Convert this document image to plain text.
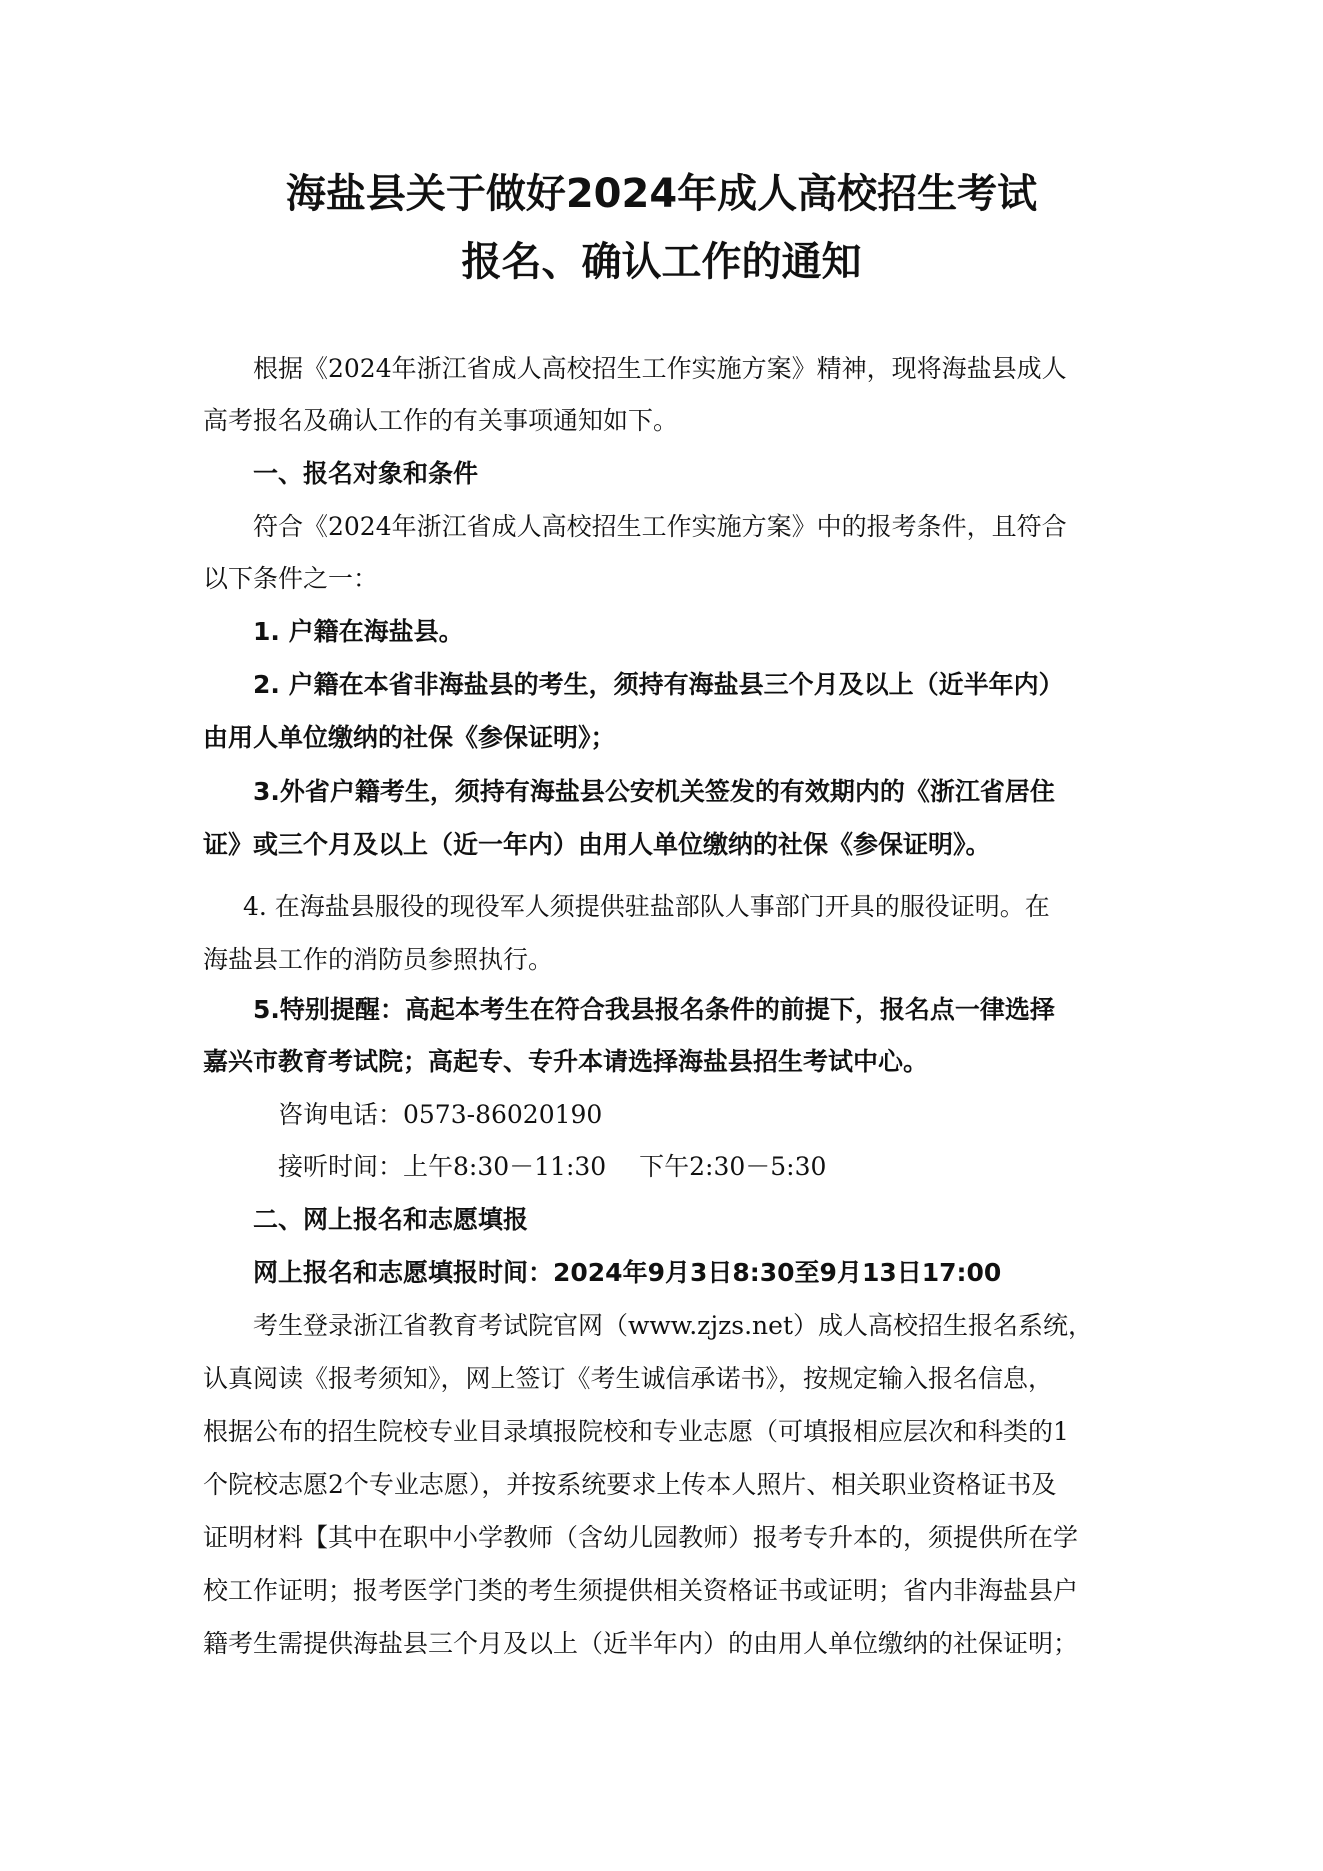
海盐县关于做好2024年成人高校招生考试
报名、确认工作的通知

根据《2024年浙江省成人高校招生工作实施方案》精神，现将海盐县成人

高考报名及确认工作的有关事项通知如下。

一、报名对象和条件

符合《2024年浙江省成人高校招生工作实施方案》中的报考条件，且符合

以下条件之一：

1. 户籍在海盐县。

2. 户籍在本省非海盐县的考生，须持有海盐县三个月及以上（近半年内）

由用人单位缴纳的社保《参保证明》；

3.外省户籍考生，须持有海盐县公安机关签发的有效期内的《浙江省居住

证》或三个月及以上（近一年内）由用人单位缴纳的社保《参保证明》。

4. 在海盐县服役的现役军人须提供驻盐部队人事部门开具的服役证明。在

海盐县工作的消防员参照执行。

5.特别提醒：高起本考生在符合我县报名条件的前提下，报名点一律选择

嘉兴市教育考试院；高起专、专升本请选择海盐县招生考试中心。

咨询电话：0573-86020190

接听时间：上午8:30－11:30　 下午2:30－5:30

二、网上报名和志愿填报

网上报名和志愿填报时间：2024年9月3日8:30至9月13日17:00

考生登录浙江省教育考试院官网（www.zjzs.net）成人高校招生报名系统，

认真阅读《报考须知》，网上签订《考生诚信承诺书》，按规定输入报名信息，

根据公布的招生院校专业目录填报院校和专业志愿（可填报相应层次和科类的1

个院校志愿2个专业志愿），并按系统要求上传本人照片、相关职业资格证书及

证明材料【其中在职中小学教师（含幼儿园教师）报考专升本的，须提供所在学

校工作证明；报考医学门类的考生须提供相关资格证书或证明；省内非海盐县户

籍考生需提供海盐县三个月及以上（近半年内）的由用人单位缴纳的社保证明；
